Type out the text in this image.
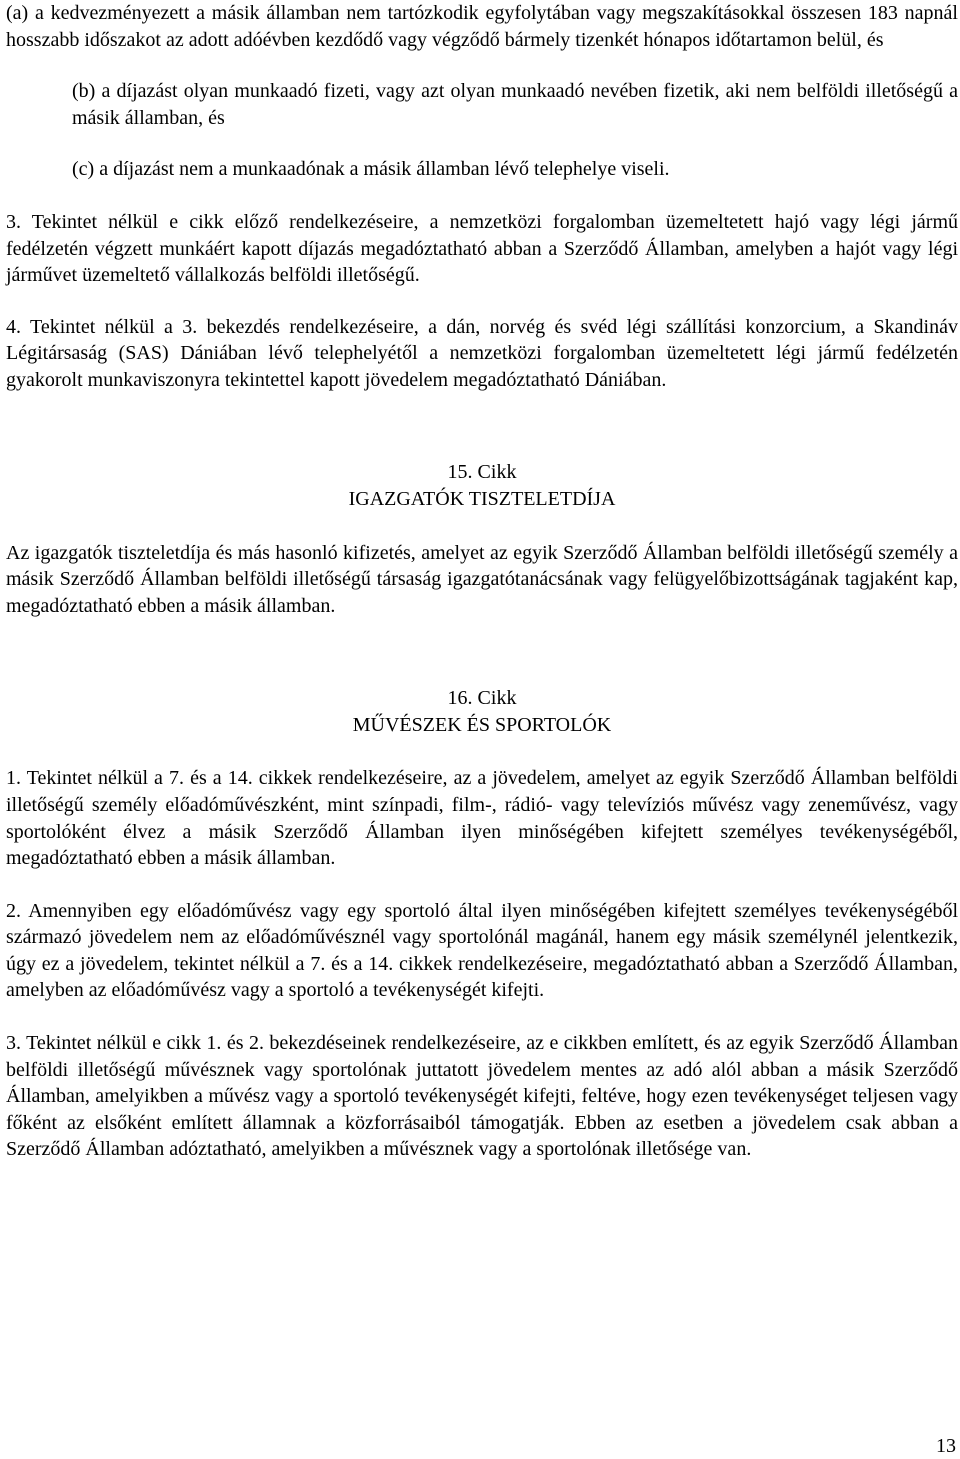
(a) a kedvezményezett a másik államban nem tartózkodik egyfolytában vagy megszakításokkal összesen 183 napnál hosszabb időszakot az adott adóévben kezdődő vagy végződő bármely tizenkét hónapos időtartamon belül, és

(b) a díjazást olyan munkaadó fizeti, vagy azt olyan munkaadó nevében fizetik, aki nem belföldi illetőségű a másik államban, és

(c) a díjazást nem a munkaadónak a másik államban lévő telephelye viseli.

3. Tekintet nélkül e cikk előző rendelkezéseire, a nemzetközi forgalomban üzemeltetett hajó vagy légi jármű fedélzetén végzett munkáért kapott díjazás megadóztatható abban a Szerződő Államban, amelyben a hajót vagy légi járművet üzemeltető vállalkozás belföldi illetőségű.

4. Tekintet nélkül a 3. bekezdés rendelkezéseire, a dán, norvég és svéd légi szállítási konzorcium, a Skandináv Légitársaság (SAS) Dániában lévő telephelyétől a nemzetközi forgalomban üzemeltetett légi jármű fedélzetén gyakorolt munkaviszonyra tekintettel kapott jövedelem megadóztatható Dániában.

15. Cikk
IGAZGATÓK TISZTELETDÍJA

Az igazgatók tiszteletdíja és más hasonló kifizetés, amelyet az egyik Szerződő Államban belföldi illetőségű személy a másik Szerződő Államban belföldi illetőségű társaság igazgatótanácsának vagy felügyelőbizottságának tagjaként kap, megadóztatható ebben a másik államban.

16. Cikk
MŰVÉSZEK ÉS SPORTOLÓK

1. Tekintet nélkül a 7. és a 14. cikkek rendelkezéseire, az a jövedelem, amelyet az egyik Szerződő Államban belföldi illetőségű személy előadóművészként, mint színpadi, film-, rádió- vagy televíziós művész vagy zeneművész, vagy sportolóként élvez a másik Szerződő Államban ilyen minőségében kifejtett személyes tevékenységéből, megadóztatható ebben a másik államban.

2. Amennyiben egy előadóművész vagy egy sportoló által ilyen minőségében kifejtett személyes tevékenységéből származó jövedelem nem az előadóművésznél vagy sportolónál magánál, hanem egy másik személynél jelentkezik, úgy ez a jövedelem, tekintet nélkül a 7. és a 14. cikkek rendelkezéseire, megadóztatható abban a Szerződő Államban, amelyben az előadóművész vagy a sportoló a tevékenységét kifejti.

3. Tekintet nélkül e cikk 1. és 2. bekezdéseinek rendelkezéseire, az e cikkben említett, és az egyik Szerződő Államban belföldi illetőségű művésznek vagy sportolónak juttatott jövedelem mentes az adó alól abban a másik Szerződő Államban, amelyikben a művész vagy a sportoló tevékenységét kifejti, feltéve, hogy ezen tevékenységet teljesen vagy főként az elsőként említett államnak a közforrásaiból támogatják. Ebben az esetben a jövedelem csak abban a Szerződő Államban adóztatható, amelyikben a művésznek vagy a sportolónak illetősége van.

13
